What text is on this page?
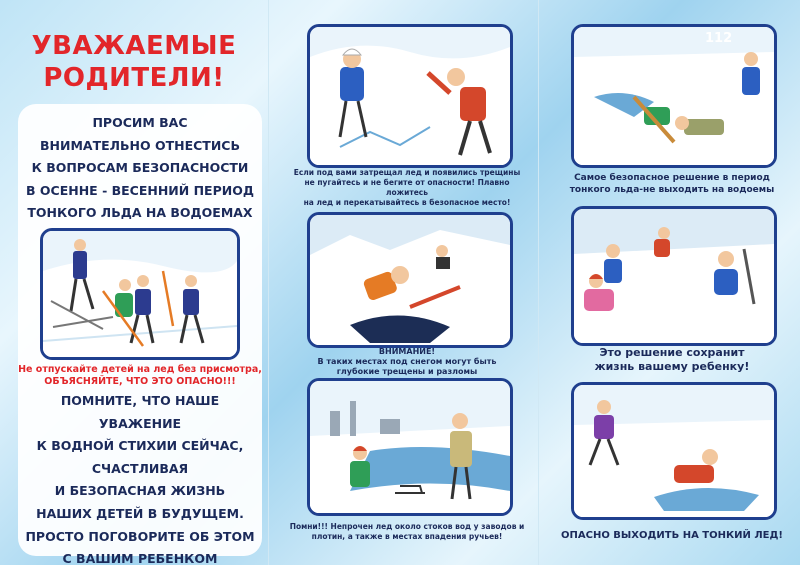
УВАЖАЕМЫЕ
РОДИТЕЛИ!
ПРОСИМ ВАС
ВНИМАТЕЛЬНО ОТНЕСТИСЬ
К ВОПРОСАМ БЕЗОПАСНОСТИ
В ОСЕННЕ - ВЕСЕННИЙ ПЕРИОД
ТОНКОГО ЛЬДА НА ВОДОЕМАХ
Не отпускайте детей на лед без присмотра,
ОБЪЯСНЯЙТЕ, ЧТО ЭТО ОПАСНО!!!
ПОМНИТЕ, ЧТО НАШЕ УВАЖЕНИЕ
К ВОДНОЙ СТИХИИ СЕЙЧАС,
СЧАСТЛИВАЯ
И БЕЗОПАСНАЯ ЖИЗНЬ
НАШИХ ДЕТЕЙ В БУДУЩЕМ.
ПРОСТО ПОГОВОРИТЕ ОБ ЭТОМ
С ВАШИМ РЕБЕНКОМ
Если под вами затрещал лед и появились трещины
не пугайтесь и не бегите от опасности! Плавно ложитесь
на лед и перекатывайтесь в безопасное место!
ВНИМАНИЕ!
В таких местах под снегом могут быть
глубокие трещены и разломы
Помни!!! Непрочен лед около стоков вод у заводов и
плотин, а также в местах впадения ручьев!
112
Самое безопасное решение в период
тонкого льда-не выходить на водоемы
Это решение сохранит
жизнь вашему ребенку!
ОПАСНО ВЫХОДИТЬ НА ТОНКИЙ ЛЕД!
